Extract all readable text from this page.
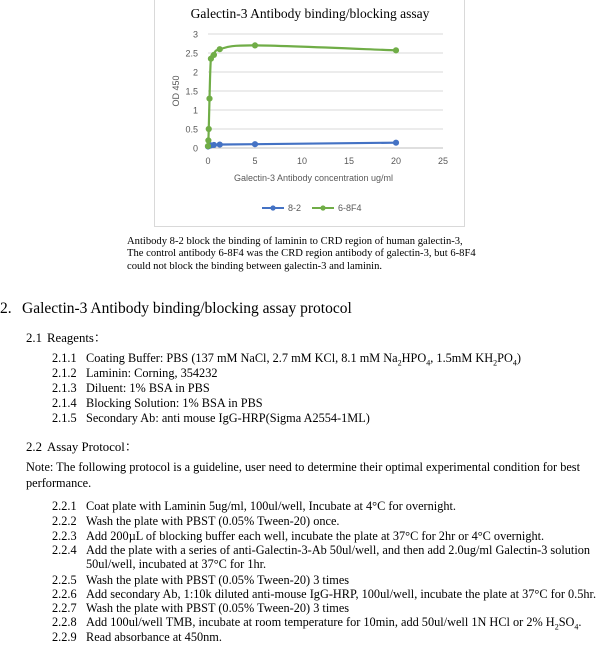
Galectin-3 Antibody binding/blocking assay
0
0.5
1
1.5
2
2.5
3
0	5	10	15	20	25
Galectin-3 Antibody concentration ug/ml
OD 450
8-2	6-8F4
Antibody 8-2 block the binding of laminin to CRD region of human galectin-3,
The control antibody 6-8F4 was the CRD region antibody of galectin-3, but 6-8F4
could not block the binding between galectin-3 and laminin.
2. Galectin-3 Antibody binding/blocking assay protocol
2.1 Reagents：
2.1.1 Coating Buffer: PBS (137 mM NaCl, 2.7 mM KCl, 8.1 mM $Na_2HPO_4$, 1.5mM $KH_2PO_4$)
2.1.2 Laminin: Corning, 354232
2.1.3 Diluent: 1% BSA in PBS
2.1.4 Blocking Solution: 1% BSA in PBS
2.1.5 Secondary Ab: anti mouse IgG-HRP(Sigma A2554-1ML)
2.2 Assay Protocol：
Note: The following protocol is a guideline, user need to determine their optimal experimental condition for best performance.
2.2.1 Coat plate with Laminin 5ug/ml, 100ul/well, Incubate at 4°C for overnight.
2.2.2 Wash the plate with PBST (0.05% Tween-20) once.
2.2.3 Add 200µL of blocking buffer each well, incubate the plate at 37°C for 2hr or 4°C overnight.
2.2.4 Add the plate with a series of anti-Galectin-3-Ab 50ul/well, and then add 2.0ug/ml Galectin-3 solution
50ul/well, incubated at 37°C for 1hr.
2.2.5 Wash the plate with PBST (0.05% Tween-20) 3 times
2.2.6 Add secondary Ab, 1:10k diluted anti-mouse IgG-HRP, 100ul/well, incubate the plate at 37°C for 0.5hr.
2.2.7 Wash the plate with PBST (0.05% Tween-20) 3 times
2.2.8 Add 100ul/well TMB, incubate at room temperature for 10min, add 50ul/well 1N HCl or 2% $H_2SO_4$.
2.2.9 Read absorbance at 450nm.
